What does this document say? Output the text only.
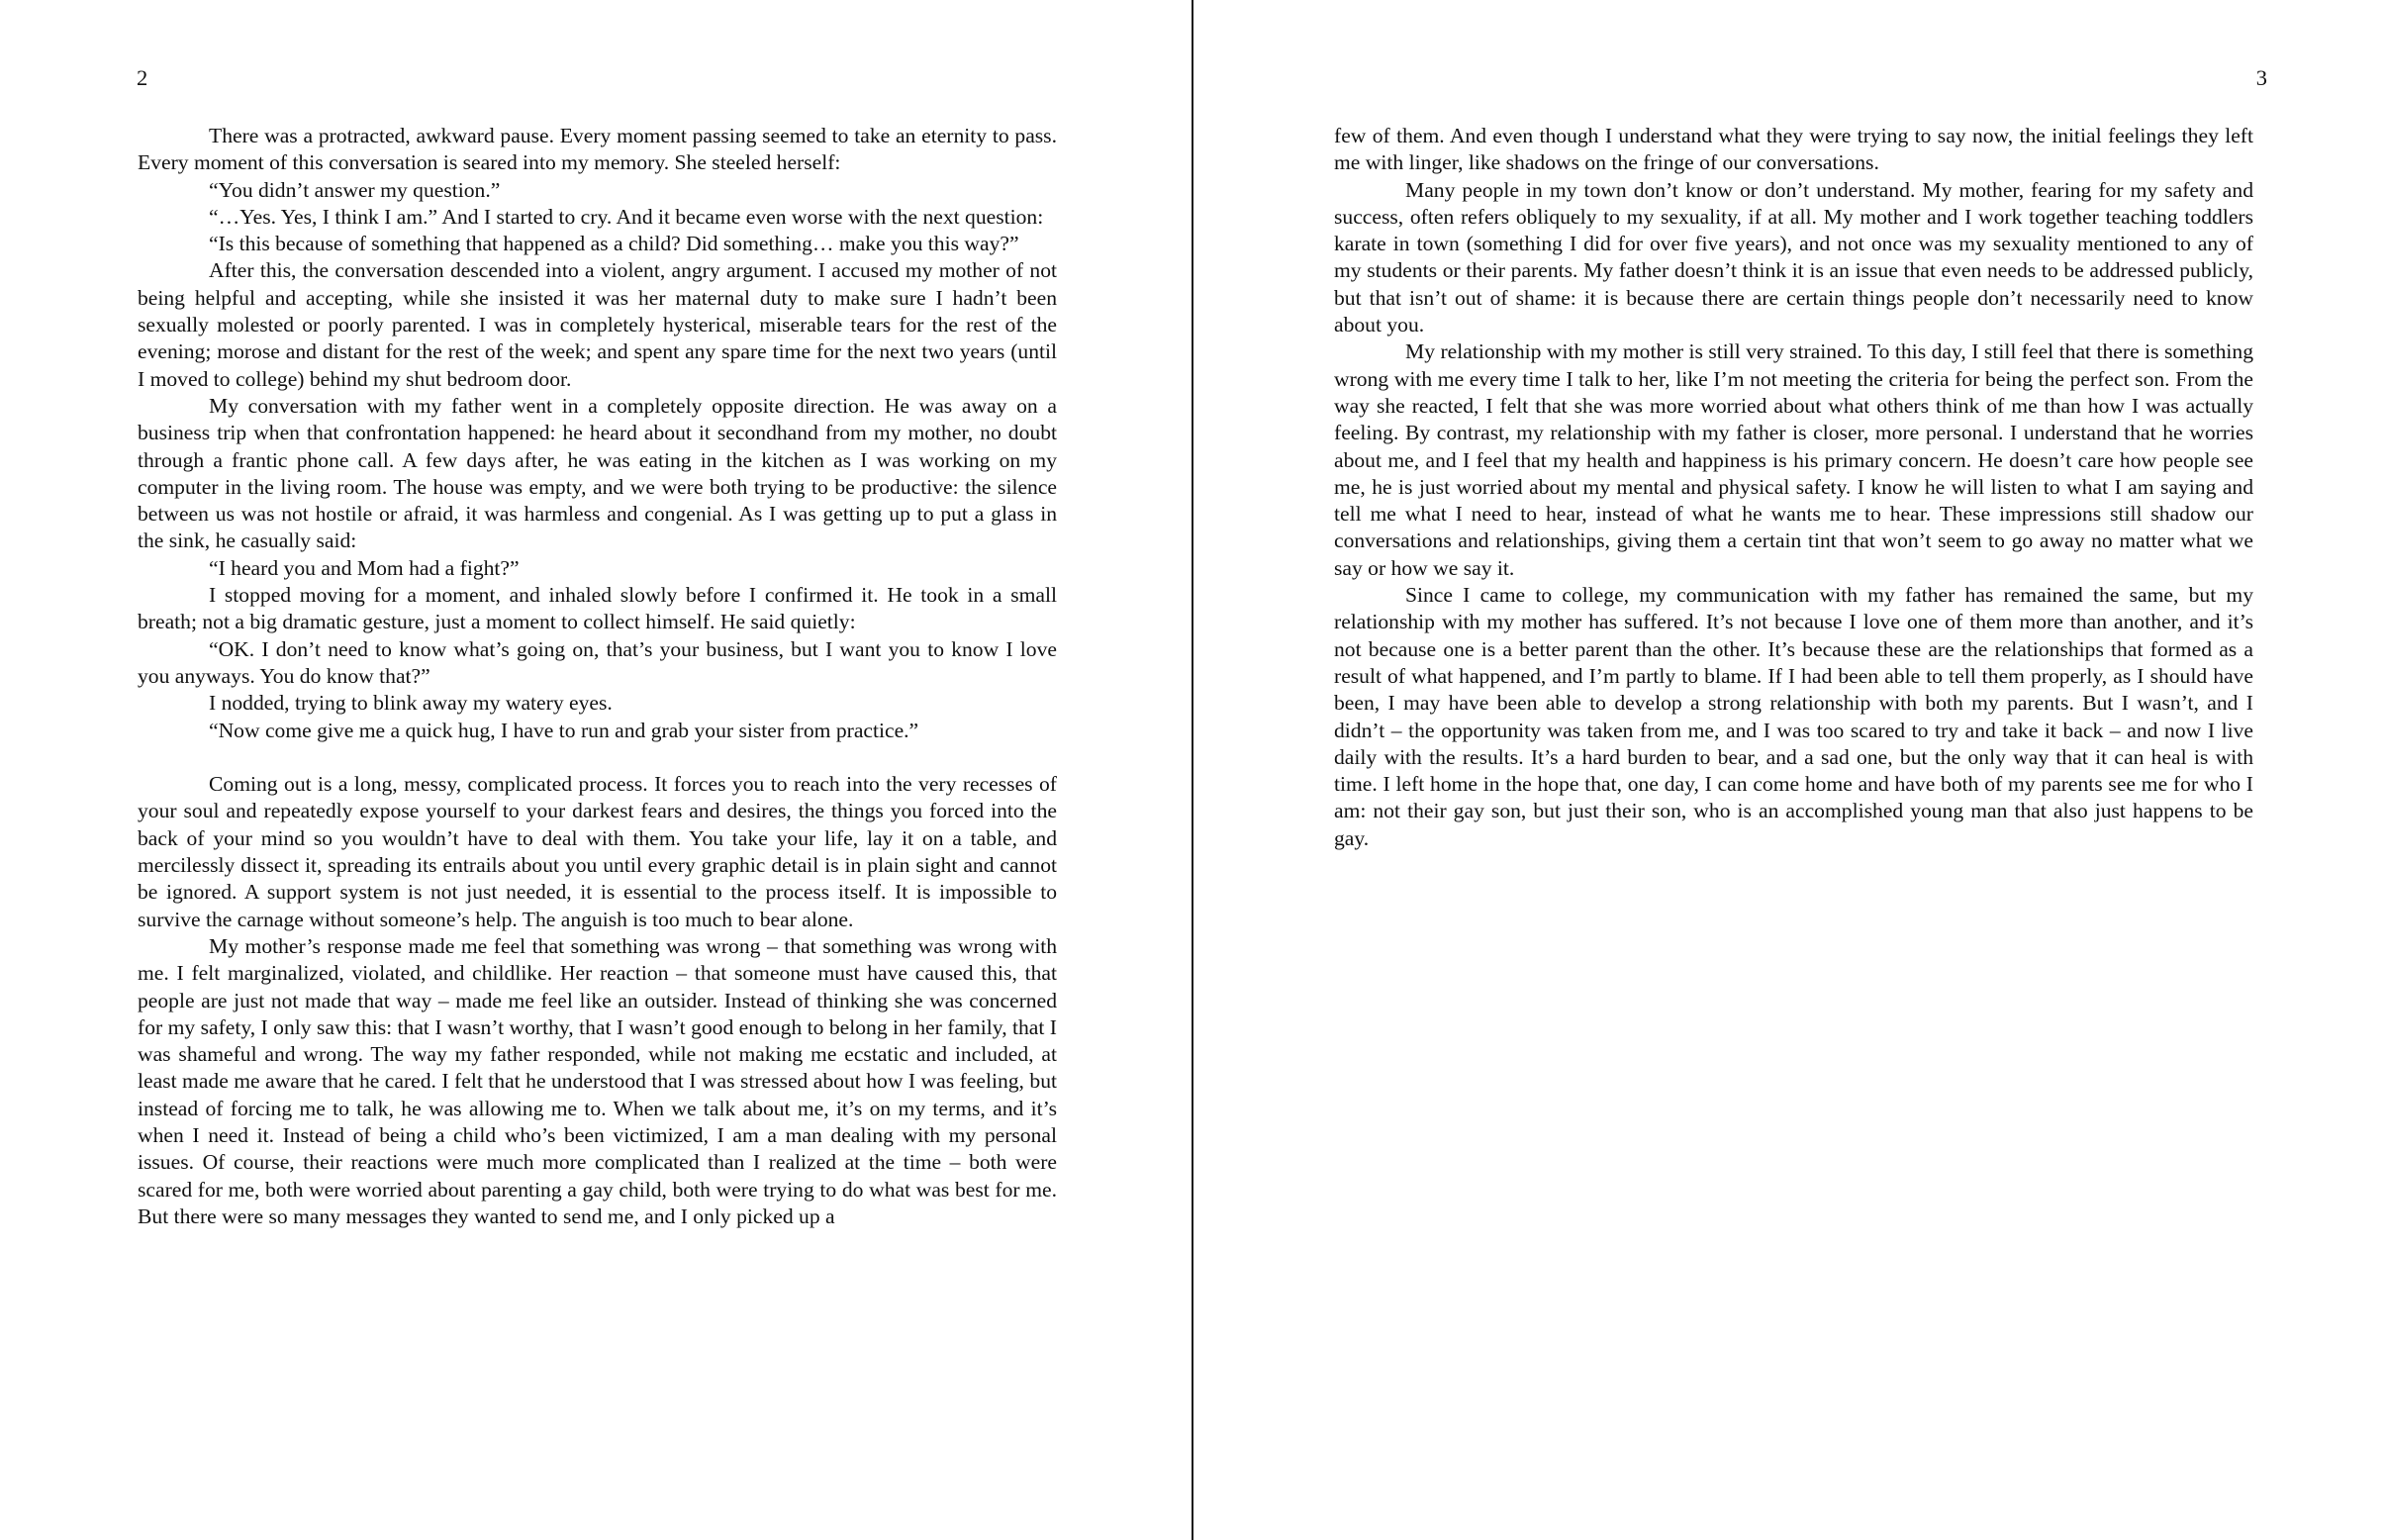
2

There was a protracted, awkward pause. Every moment passing seemed to take an eternity to pass. Every moment of this conversation is seared into my memory. She steeled herself:

“You didn’t answer my question.”

“…Yes. Yes, I think I am.” And I started to cry. And it became even worse with the next question:

“Is this because of something that happened as a child? Did something… make you this way?”

After this, the conversation descended into a violent, angry argument. I accused my mother of not being helpful and accepting, while she insisted it was her maternal duty to make sure I hadn’t been sexually molested or poorly parented. I was in completely hysterical, miserable tears for the rest of the evening; morose and distant for the rest of the week; and spent any spare time for the next two years (until I moved to college) behind my shut bedroom door.

My conversation with my father went in a completely opposite direction. He was away on a business trip when that confrontation happened: he heard about it secondhand from my mother, no doubt through a frantic phone call. A few days after, he was eating in the kitchen as I was working on my computer in the living room. The house was empty, and we were both trying to be productive: the silence between us was not hostile or afraid, it was harmless and congenial. As I was getting up to put a glass in the sink, he casually said:

“I heard you and Mom had a fight?”

I stopped moving for a moment, and inhaled slowly before I confirmed it. He took in a small breath; not a big dramatic gesture, just a moment to collect himself. He said quietly:

“OK. I don’t need to know what’s going on, that’s your business, but I want you to know I love you anyways. You do know that?”

I nodded, trying to blink away my watery eyes.

“Now come give me a quick hug, I have to run and grab your sister from practice.”

Coming out is a long, messy, complicated process. It forces you to reach into the very recesses of your soul and repeatedly expose yourself to your darkest fears and desires, the things you forced into the back of your mind so you wouldn’t have to deal with them. You take your life, lay it on a table, and mercilessly dissect it, spreading its entrails about you until every graphic detail is in plain sight and cannot be ignored. A support system is not just needed, it is essential to the process itself. It is impossible to survive the carnage without someone’s help. The anguish is too much to bear alone.

My mother’s response made me feel that something was wrong – that something was wrong with me. I felt marginalized, violated, and childlike. Her reaction – that someone must have caused this, that people are just not made that way – made me feel like an outsider. Instead of thinking she was concerned for my safety, I only saw this: that I wasn’t worthy, that I wasn’t good enough to belong in her family, that I was shameful and wrong. The way my father responded, while not making me ecstatic and included, at least made me aware that he cared. I felt that he understood that I was stressed about how I was feeling, but instead of forcing me to talk, he was allowing me to. When we talk about me, it’s on my terms, and it’s when I need it. Instead of being a child who’s been victimized, I am a man dealing with my personal issues. Of course, their reactions were much more complicated than I realized at the time – both were scared for me, both were worried about parenting a gay child, both were trying to do what was best for me. But there were so many messages they wanted to send me, and I only picked up a

3

few of them. And even though I understand what they were trying to say now, the initial feelings they left me with linger, like shadows on the fringe of our conversations.

Many people in my town don’t know or don’t understand. My mother, fearing for my safety and success, often refers obliquely to my sexuality, if at all. My mother and I work together teaching toddlers karate in town (something I did for over five years), and not once was my sexuality mentioned to any of my students or their parents. My father doesn’t think it is an issue that even needs to be addressed publicly, but that isn’t out of shame: it is because there are certain things people don’t necessarily need to know about you.

My relationship with my mother is still very strained. To this day, I still feel that there is something wrong with me every time I talk to her, like I’m not meeting the criteria for being the perfect son. From the way she reacted, I felt that she was more worried about what others think of me than how I was actually feeling. By contrast, my relationship with my father is closer, more personal. I understand that he worries about me, and I feel that my health and happiness is his primary concern. He doesn’t care how people see me, he is just worried about my mental and physical safety. I know he will listen to what I am saying and tell me what I need to hear, instead of what he wants me to hear. These impressions still shadow our conversations and relationships, giving them a certain tint that won’t seem to go away no matter what we say or how we say it.

Since I came to college, my communication with my father has remained the same, but my relationship with my mother has suffered. It’s not because I love one of them more than another, and it’s not because one is a better parent than the other. It’s because these are the relationships that formed as a result of what happened, and I’m partly to blame. If I had been able to tell them properly, as I should have been, I may have been able to develop a strong relationship with both my parents. But I wasn’t, and I didn’t – the opportunity was taken from me, and I was too scared to try and take it back – and now I live daily with the results. It’s a hard burden to bear, and a sad one, but the only way that it can heal is with time. I left home in the hope that, one day, I can come home and have both of my parents see me for who I am: not their gay son, but just their son, who is an accomplished young man that also just happens to be gay.
